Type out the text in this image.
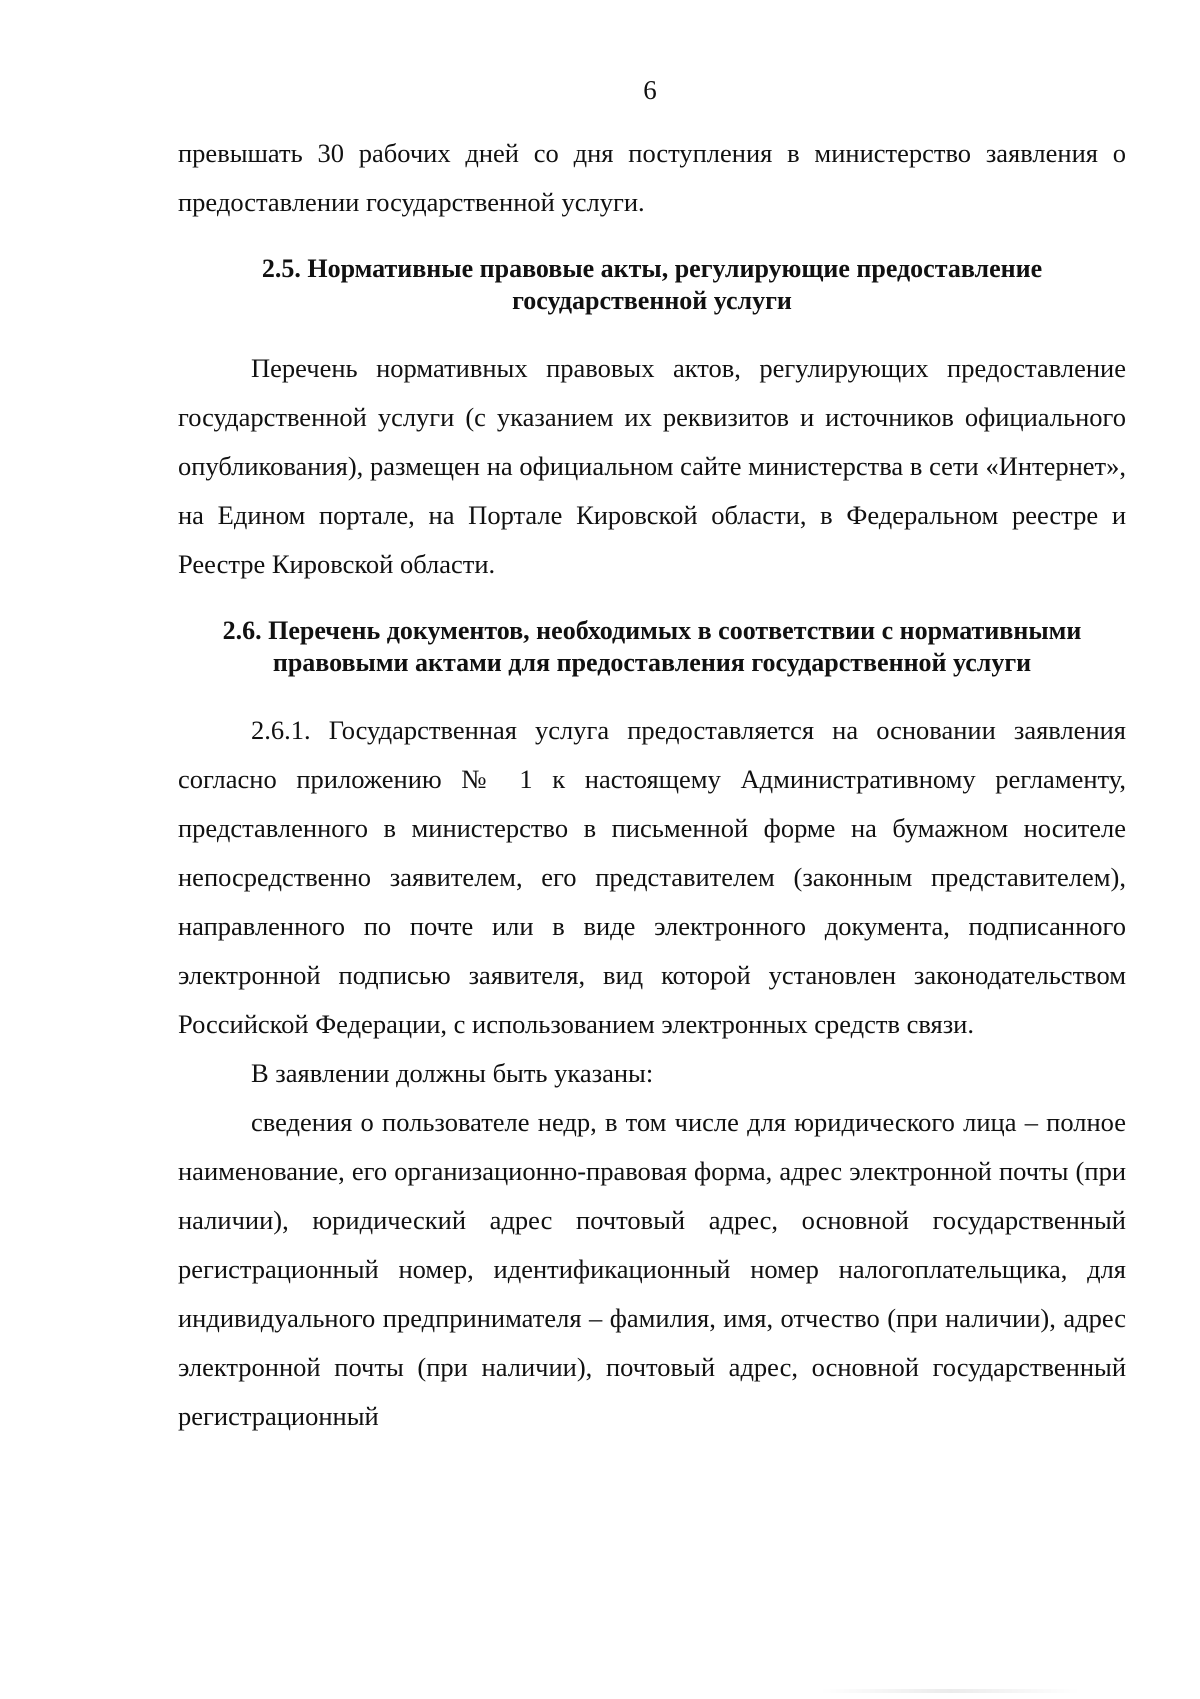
6

превышать 30 рабочих дней со дня поступления в министерство заявления о предоставлении государственной услуги.

2.5. Нормативные правовые акты, регулирующие предоставление государственной услуги

Перечень нормативных правовых актов, регулирующих предоставление государственной услуги (с указанием их реквизитов и источников официального опубликования), размещен на официальном сайте министерства в сети «Интернет», на Едином портале, на Портале Кировской области, в Федеральном реестре и Реестре Кировской области.

2.6. Перечень документов, необходимых в соответствии с нормативными правовыми актами для предоставления государственной услуги

2.6.1. Государственная услуга предоставляется на основании заявления согласно приложению № 1 к настоящему Административному регламенту, представленного в министерство в письменной форме на бумажном носителе непосредственно заявителем, его представителем (законным представителем), направленного по почте или в виде электронного документа, подписанного электронной подписью заявителя, вид которой установлен законодательством Российской Федерации, с использованием электронных средств связи.

В заявлении должны быть указаны:

сведения о пользователе недр, в том числе для юридического лица – полное наименование, его организационно-правовая форма, адрес электронной почты (при наличии), юридический адрес почтовый адрес, основной государственный регистрационный номер, идентификационный номер налогоплательщика, для индивидуального предпринимателя – фамилия, имя, отчество (при наличии), адрес электронной почты (при наличии), почтовый адрес, основной государственный регистрационный
